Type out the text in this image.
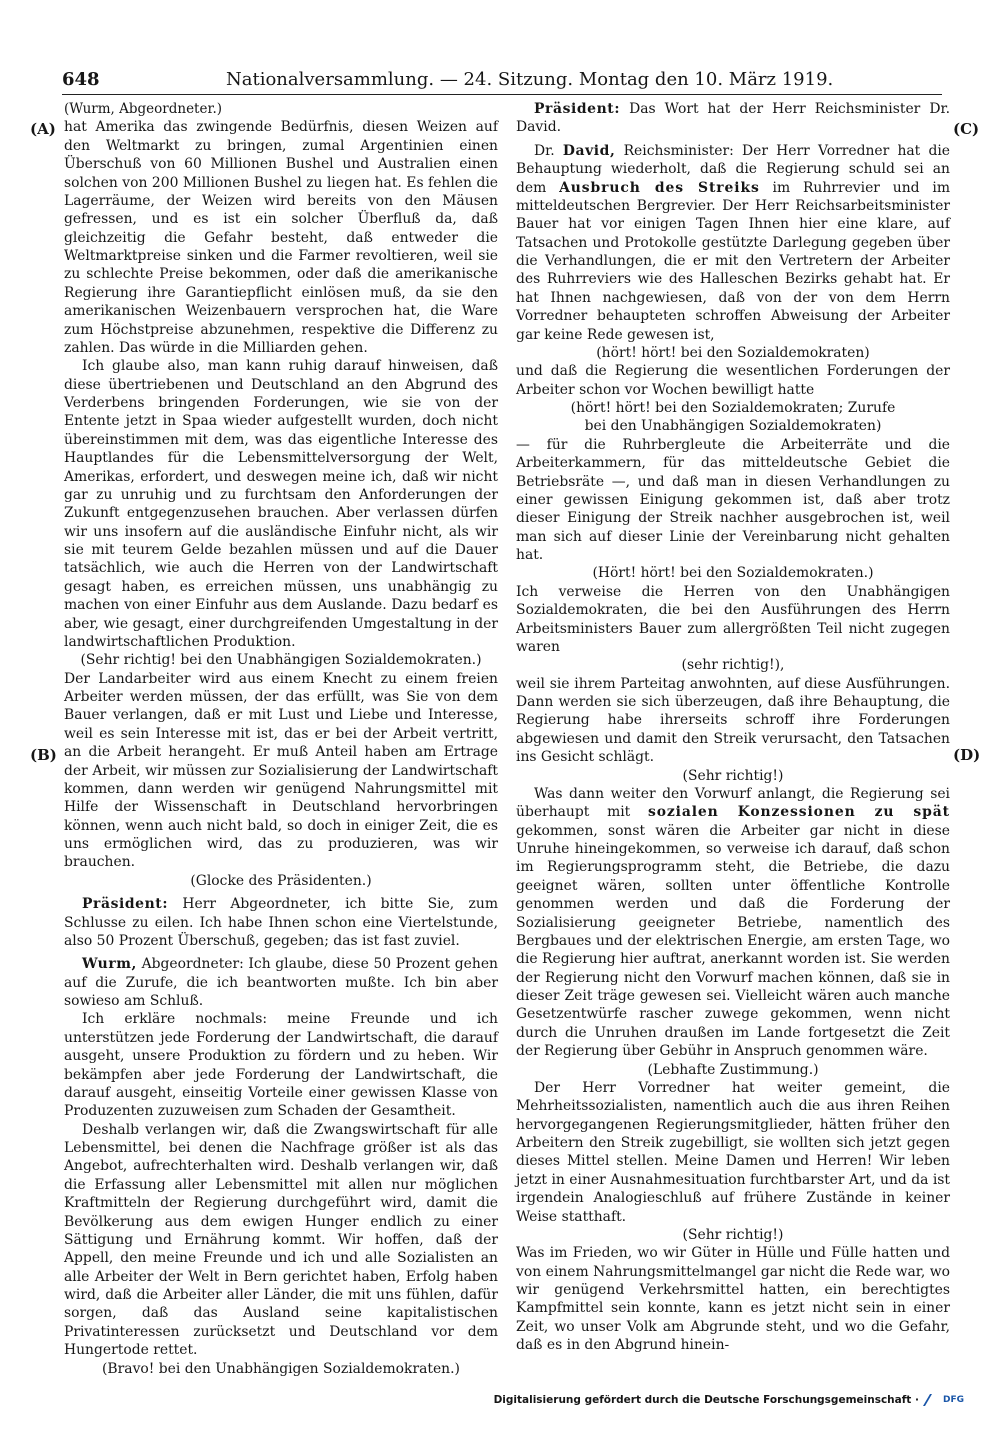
648	Nationalversammlung. — 24. Sitzung. Montag den 10. März 1919.
(A)
(B)
(C)
(D)

(Wurm, Abgeordneter.)

hat Amerika das zwingende Bedürfnis, diesen Weizen auf den Weltmarkt zu bringen, zumal Argentinien einen Überschuß von 60 Millionen Bushel und Australien einen solchen von 200 Millionen Bushel zu liegen hat. Es fehlen die Lagerräume, der Weizen wird bereits von den Mäusen gefressen, und es ist ein solcher Überfluß da, daß gleichzeitig die Gefahr besteht, daß entweder die Weltmarktpreise sinken und die Farmer revoltieren, weil sie zu schlechte Preise bekommen, oder daß die amerikanische Regierung ihre Garantiepflicht einlösen muß, da sie den amerikanischen Weizenbauern versprochen hat, die Ware zum Höchstpreise abzunehmen, respektive die Differenz zu zahlen. Das würde in die Milliarden gehen.

Ich glaube also, man kann ruhig darauf hinweisen, daß diese übertriebenen und Deutschland an den Abgrund des Verderbens bringenden Forderungen, wie sie von der Entente jetzt in Spaa wieder aufgestellt wurden, doch nicht übereinstimmen mit dem, was das eigentliche Interesse des Hauptlandes für die Lebensmittelversorgung der Welt, Amerikas, erfordert, und deswegen meine ich, daß wir nicht gar zu unruhig und zu furchtsam den Anforderungen der Zukunft entgegenzusehen brauchen. Aber verlassen dürfen wir uns insofern auf die ausländische Einfuhr nicht, als wir sie mit teurem Gelde bezahlen müssen und auf die Dauer tatsächlich, wie auch die Herren von der Landwirtschaft gesagt haben, es erreichen müssen, uns unabhängig zu machen von einer Einfuhr aus dem Auslande. Dazu bedarf es aber, wie gesagt, einer durchgreifenden Umgestaltung in der landwirtschaftlichen Produktion.

(Sehr richtig! bei den Unabhängigen Sozialdemokraten.)

Der Landarbeiter wird aus einem Knecht zu einem freien Arbeiter werden müssen, der das erfüllt, was Sie von dem Bauer verlangen, daß er mit Lust und Liebe und Interesse, weil es sein Interesse mit ist, das er bei der Arbeit vertritt, an die Arbeit herangeht. Er muß Anteil haben am Ertrage der Arbeit, wir müssen zur Sozialisierung der Landwirtschaft kommen, dann werden wir genügend Nahrungsmittel mit Hilfe der Wissenschaft in Deutschland hervorbringen können, wenn auch nicht bald, so doch in einiger Zeit, die es uns ermöglichen wird, das zu produzieren, was wir brauchen.

(Glocke des Präsidenten.)

Präsident: Herr Abgeordneter, ich bitte Sie, zum Schlusse zu eilen. Ich habe Ihnen schon eine Viertelstunde, also 50 Prozent Überschuß, gegeben; das ist fast zuviel.

Wurm, Abgeordneter: Ich glaube, diese 50 Prozent gehen auf die Zurufe, die ich beantworten mußte. Ich bin aber sowieso am Schluß.

Ich erkläre nochmals: meine Freunde und ich unterstützen jede Forderung der Landwirtschaft, die darauf ausgeht, unsere Produktion zu fördern und zu heben. Wir bekämpfen aber jede Forderung der Landwirtschaft, die darauf ausgeht, einseitig Vorteile einer gewissen Klasse von Produzenten zuzuweisen zum Schaden der Gesamtheit.

Deshalb verlangen wir, daß die Zwangswirtschaft für alle Lebensmittel, bei denen die Nachfrage größer ist als das Angebot, aufrechterhalten wird. Deshalb verlangen wir, daß die Erfassung aller Lebensmittel mit allen nur möglichen Kraftmitteln der Regierung durchgeführt wird, damit die Bevölkerung aus dem ewigen Hunger endlich zu einer Sättigung und Ernährung kommt. Wir hoffen, daß der Appell, den meine Freunde und ich und alle Sozialisten an alle Arbeiter der Welt in Bern gerichtet haben, Erfolg haben wird, daß die Arbeiter aller Länder, die mit uns fühlen, dafür sorgen, daß das Ausland seine kapitalistischen Privatinteressen zurücksetzt und Deutschland vor dem Hungertode rettet.

(Bravo! bei den Unabhängigen Sozialdemokraten.)

Präsident: Das Wort hat der Herr Reichsminister Dr. David.

Dr. David, Reichsminister: Der Herr Vorredner hat die Behauptung wiederholt, daß die Regierung schuld sei an dem Ausbruch des Streiks im Ruhrrevier und im mitteldeutschen Bergrevier. Der Herr Reichsarbeitsminister Bauer hat vor einigen Tagen Ihnen hier eine klare, auf Tatsachen und Protokolle gestützte Darlegung gegeben über die Verhandlungen, die er mit den Vertretern der Arbeiter des Ruhrreviers wie des Halleschen Bezirks gehabt hat. Er hat Ihnen nachgewiesen, daß von der von dem Herrn Vorredner behaupteten schroffen Abweisung der Arbeiter gar keine Rede gewesen ist,

(hört! hört! bei den Sozialdemokraten)

und daß die Regierung die wesentlichen Forderungen der Arbeiter schon vor Wochen bewilligt hatte

(hört! hört! bei den Sozialdemokraten; Zurufe

bei den Unabhängigen Sozialdemokraten)

— für die Ruhrbergleute die Arbeiterräte und die Arbeiterkammern, für das mitteldeutsche Gebiet die Betriebsräte —, und daß man in diesen Verhandlungen zu einer gewissen Einigung gekommen ist, daß aber trotz dieser Einigung der Streik nachher ausgebrochen ist, weil man sich auf dieser Linie der Vereinbarung nicht gehalten hat.

(Hört! hört! bei den Sozialdemokraten.)

Ich verweise die Herren von den Unabhängigen Sozialdemokraten, die bei den Ausführungen des Herrn Arbeitsministers Bauer zum allergrößten Teil nicht zugegen waren

(sehr richtig!),

weil sie ihrem Parteitag anwohnten, auf diese Ausführungen. Dann werden sie sich überzeugen, daß ihre Behauptung, die Regierung habe ihrerseits schroff ihre Forderungen abgewiesen und damit den Streik verursacht, den Tatsachen ins Gesicht schlägt.

(Sehr richtig!)

Was dann weiter den Vorwurf anlangt, die Regierung sei überhaupt mit sozialen Konzessionen zu spät gekommen, sonst wären die Arbeiter gar nicht in diese Unruhe hineingekommen, so verweise ich darauf, daß schon im Regierungsprogramm steht, die Betriebe, die dazu geeignet wären, sollten unter öffentliche Kontrolle genommen werden und daß die Forderung der Sozialisierung geeigneter Betriebe, namentlich des Bergbaues und der elektrischen Energie, am ersten Tage, wo die Regierung hier auftrat, anerkannt worden ist. Sie werden der Regierung nicht den Vorwurf machen können, daß sie in dieser Zeit träge gewesen sei. Vielleicht wären auch manche Gesetzentwürfe rascher zuwege gekommen, wenn nicht durch die Unruhen draußen im Lande fortgesetzt die Zeit der Regierung über Gebühr in Anspruch genommen wäre.

(Lebhafte Zustimmung.)

Der Herr Vorredner hat weiter gemeint, die Mehrheitssozialisten, namentlich auch die aus ihren Reihen hervorgegangenen Regierungsmitglieder, hätten früher den Arbeitern den Streik zugebilligt, sie wollten sich jetzt gegen dieses Mittel stellen. Meine Damen und Herren! Wir leben jetzt in einer Ausnahmesituation furchtbarster Art, und da ist irgendein Analogieschluß auf frühere Zustände in keiner Weise statthaft.

(Sehr richtig!)

Was im Frieden, wo wir Güter in Hülle und Fülle hatten und von einem Nahrungsmittelmangel gar nicht die Rede war, wo wir genügend Verkehrsmittel hatten, ein berechtigtes Kampfmittel sein konnte, kann es jetzt nicht sein in einer Zeit, wo unser Volk am Abgrunde steht, und wo die Gefahr, daß es in den Abgrund hinein-

Digitalisierung gefördert durch die Deutsche Forschungsgemeinschaft ·	DFG
